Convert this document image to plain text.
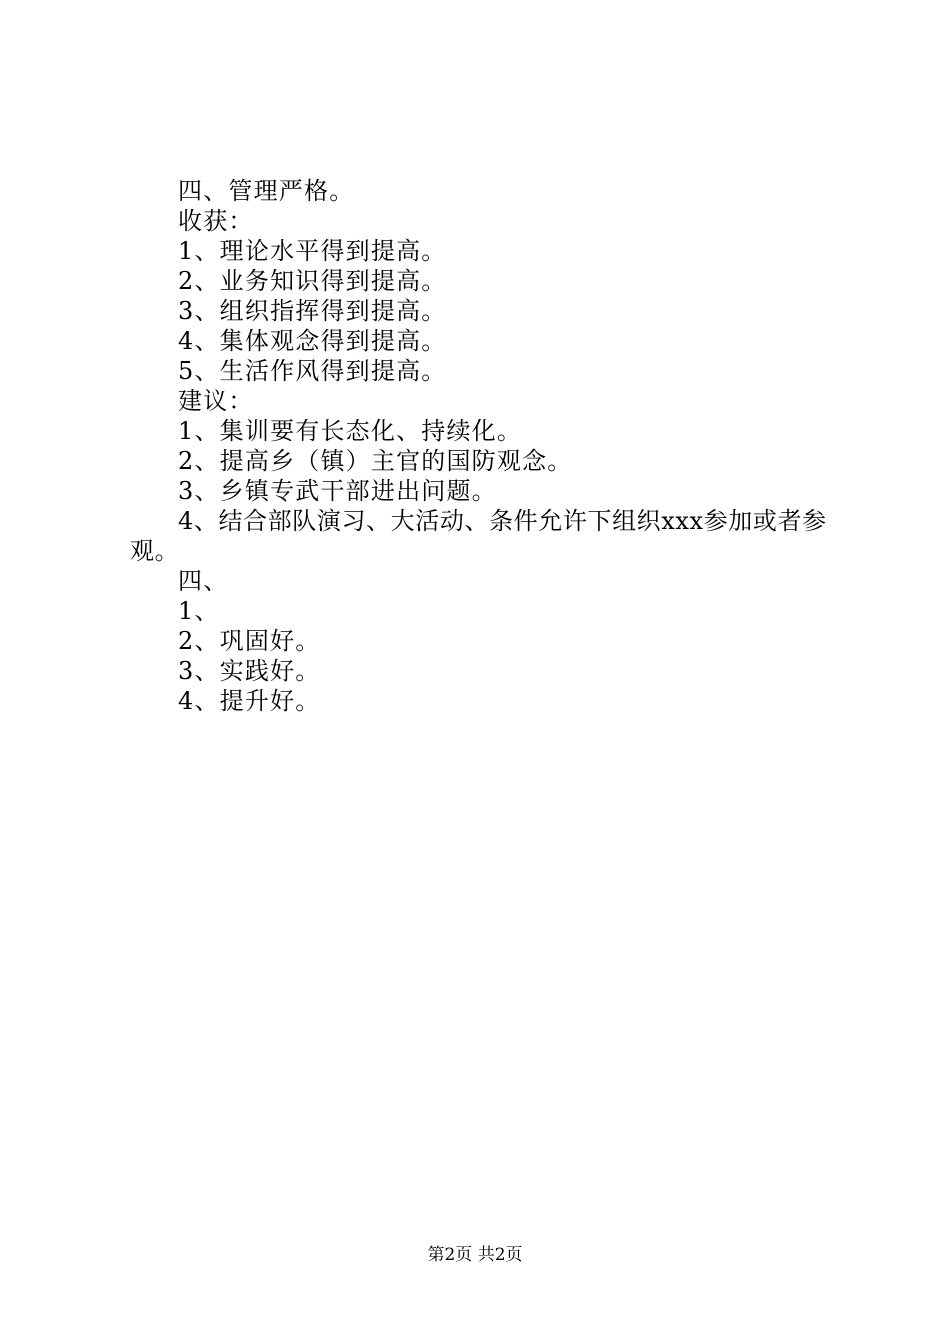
四、管理严格。
收获：
1、理论水平得到提高。
2、业务知识得到提高。
3、组织指挥得到提高。
4、集体观念得到提高。
5、生活作风得到提高。
建议：
1、集训要有长态化、持续化。
2、提高乡（镇）主官的国防观念。
3、乡镇专武干部进出问题。
4、结合部队演习、大活动、条件允许下组织xxx参加或者参观。
四、
1、
2、巩固好。
3、实践好。
4、提升好。
第2页 共2页
